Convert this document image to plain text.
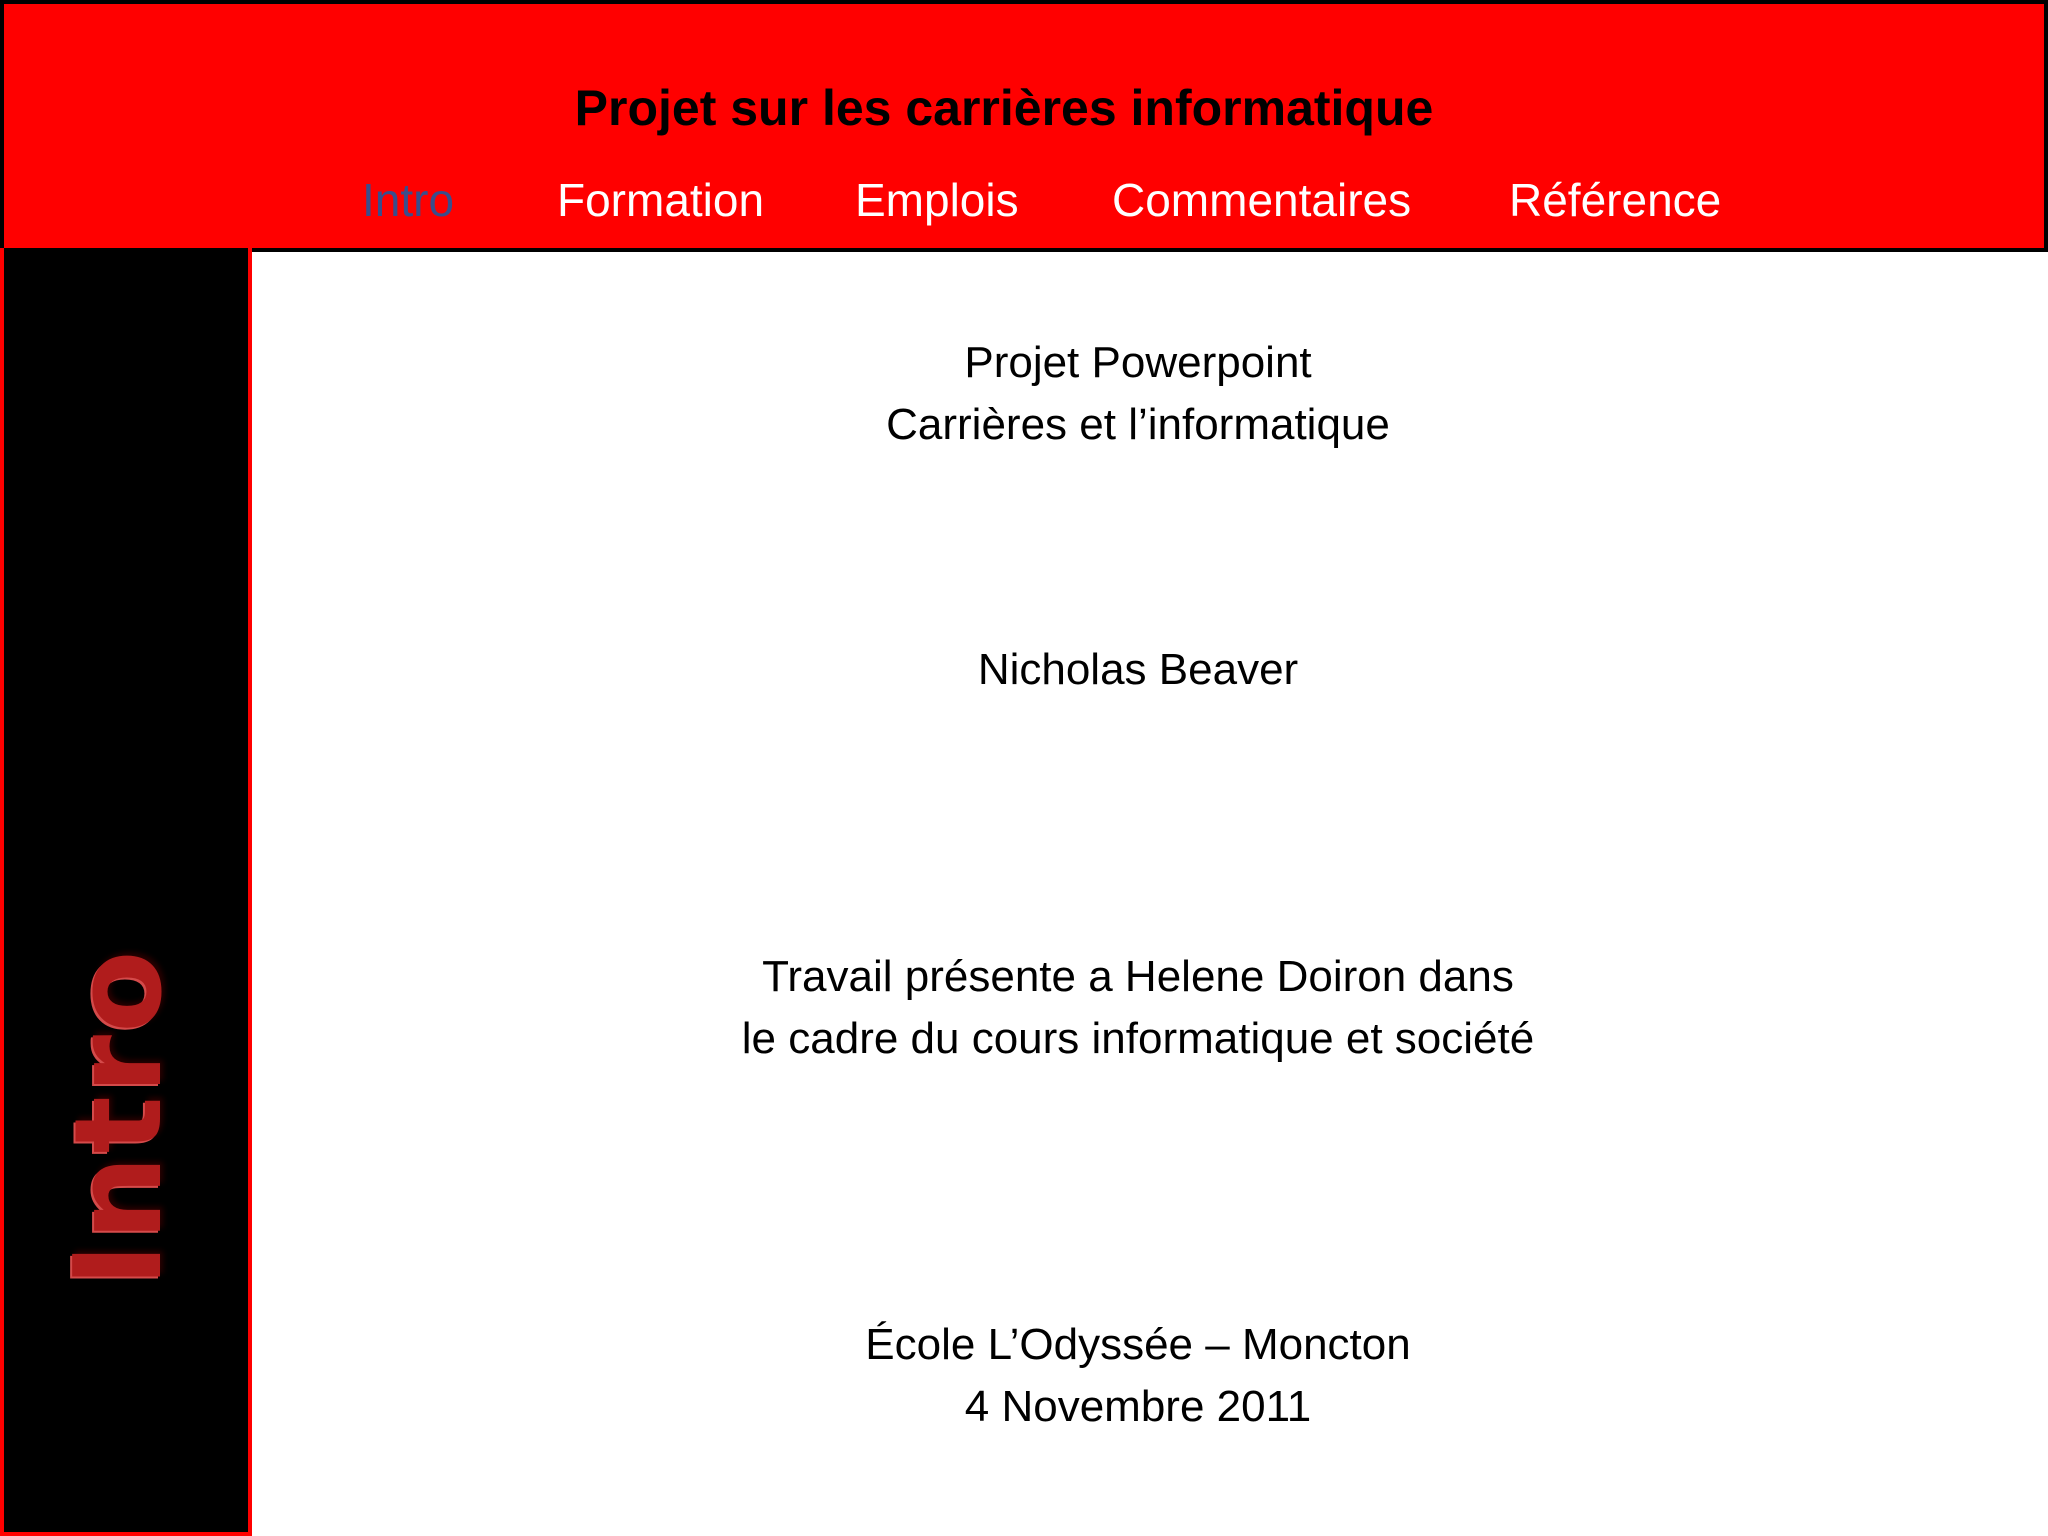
Projet sur les carrières informatique
Intro Formation Emplois Commentaires Référence
Intro
Projet Powerpoint
Carrières et l’informatique
Nicholas Beaver
Travail présente a Helene Doiron dans
le cadre du cours informatique et société
École L’Odyssée – Moncton
4 Novembre 2011
